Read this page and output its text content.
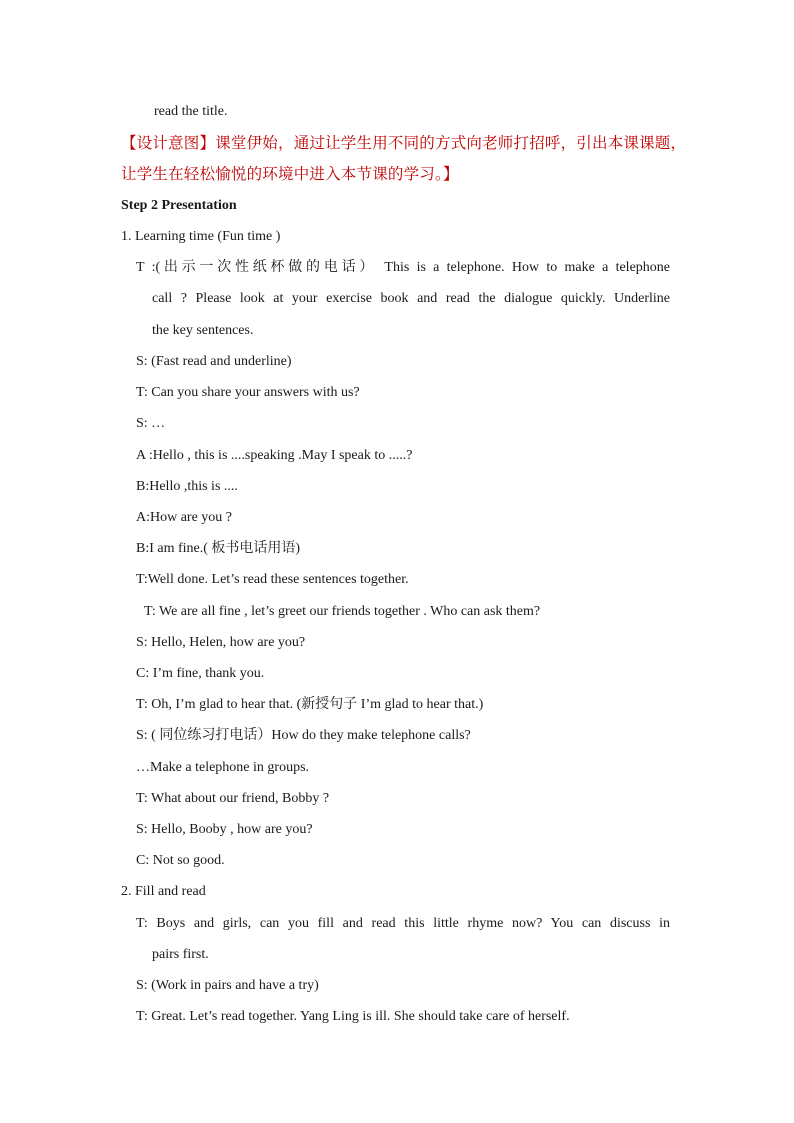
read the title.
【设计意图】课堂伊始，通过让学生用不同的方式向老师打招呼，引出本课课题，
让学生在轻松愉悦的环境中进入本节课的学习。】
Step 2 Presentation
1. Learning time (Fun time )
T :(出示一次性纸杯做的电话） This is a telephone. How to make a telephone
call ? Please look at your exercise book and read the dialogue quickly. Underline
the key sentences.
S: (Fast read and underline)
T: Can you share your answers with us?
S: …
A :Hello , this is ....speaking .May I speak to .....?
B:Hello ,this is ....
A:How are you ?
B:I am fine.( 板书电话用语)
T:Well done. Let’s read these sentences together.
T: We are all fine , let’s greet our friends together . Who can ask them?
S: Hello, Helen, how are you?
C: I’m fine, thank you.
T: Oh, I’m glad to hear that. (新授句子 I’m glad to hear that.)
S: ( 同位练习打电话）How do they make telephone calls?
…Make a telephone in groups.
T: What about our friend, Bobby ?
S: Hello, Booby , how are you?
C: Not so good.
2. Fill and read
T: Boys and girls, can you fill and read this little rhyme now? You can discuss in
pairs first.
S: (Work in pairs and have a try)
T: Great. Let’s read together. Yang Ling is ill. She should take care of herself.
